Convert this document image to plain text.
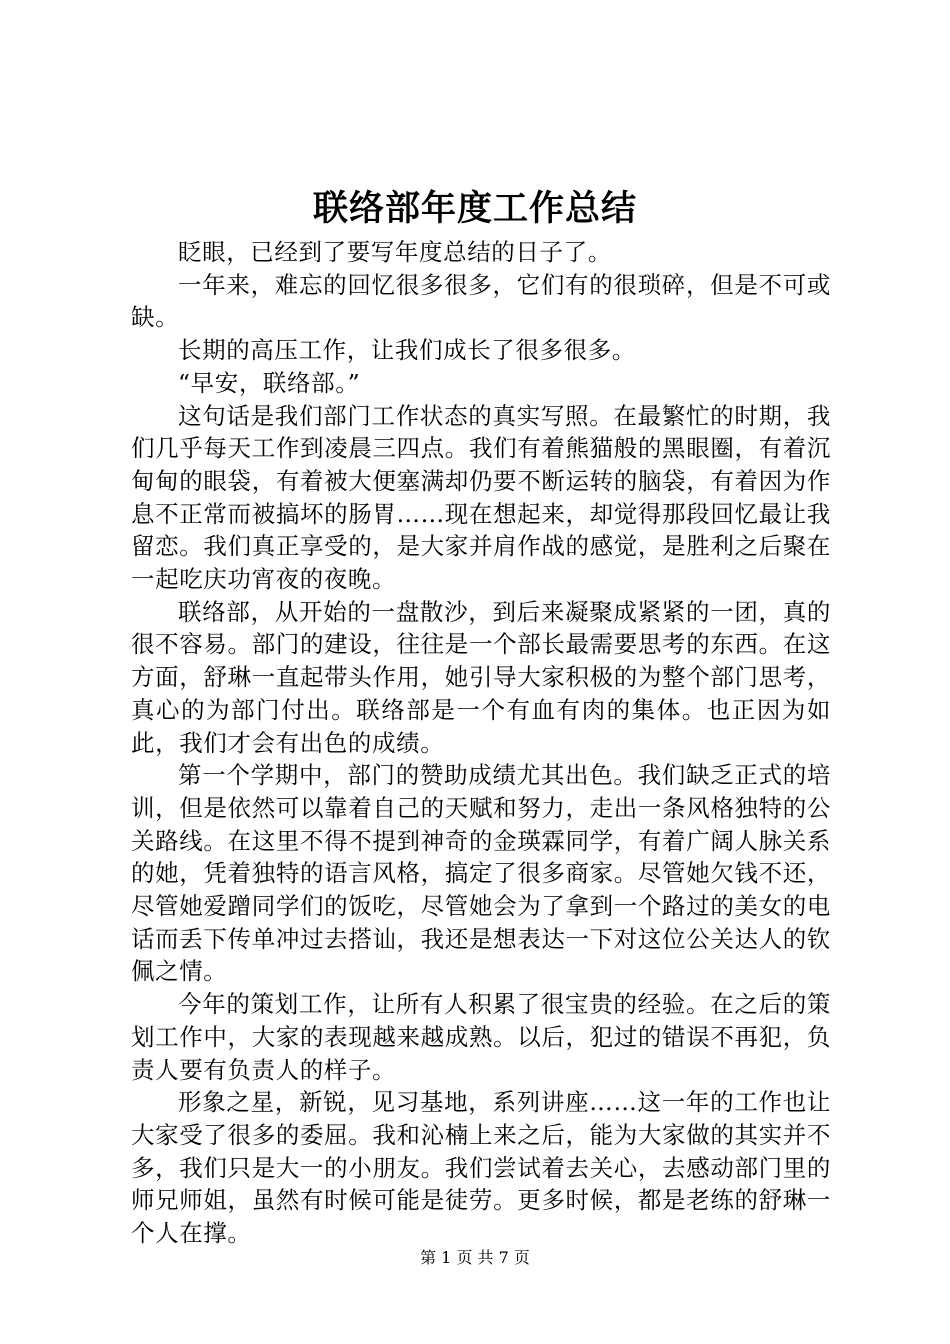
联络部年度工作总结

眨眼，已经到了要写年度总结的日子了。

一年来，难忘的回忆很多很多，它们有的很琐碎，但是不可或缺。

长期的高压工作，让我们成长了很多很多。

“早安，联络部。”

这句话是我们部门工作状态的真实写照。在最繁忙的时期，我们几乎每天工作到凌晨三四点。我们有着熊猫般的黑眼圈，有着沉甸甸的眼袋，有着被大便塞满却仍要不断运转的脑袋，有着因为作息不正常而被搞坏的肠胃……现在想起来，却觉得那段回忆最让我留恋。我们真正享受的，是大家并肩作战的感觉，是胜利之后聚在一起吃庆功宵夜的夜晚。

联络部，从开始的一盘散沙，到后来凝聚成紧紧的一团，真的很不容易。部门的建设，往往是一个部长最需要思考的东西。在这方面，舒琳一直起带头作用，她引导大家积极的为整个部门思考，真心的为部门付出。联络部是一个有血有肉的集体。也正因为如此，我们才会有出色的成绩。

第一个学期中，部门的赞助成绩尤其出色。我们缺乏正式的培训，但是依然可以靠着自己的天赋和努力，走出一条风格独特的公关路线。在这里不得不提到神奇的金瑛霖同学，有着广阔人脉关系的她，凭着独特的语言风格，搞定了很多商家。尽管她欠钱不还，尽管她爱蹭同学们的饭吃，尽管她会为了拿到一个路过的美女的电话而丢下传单冲过去搭讪，我还是想表达一下对这位公关达人的钦佩之情。

今年的策划工作，让所有人积累了很宝贵的经验。在之后的策划工作中，大家的表现越来越成熟。以后，犯过的错误不再犯，负责人要有负责人的样子。

形象之星，新锐，见习基地，系列讲座……这一年的工作也让大家受了很多的委屈。我和沁楠上来之后，能为大家做的其实并不多，我们只是大一的小朋友。我们尝试着去关心，去感动部门里的师兄师姐，虽然有时候可能是徒劳。更多时候，都是老练的舒琳一个人在撑。

第 1 页 共 7 页
